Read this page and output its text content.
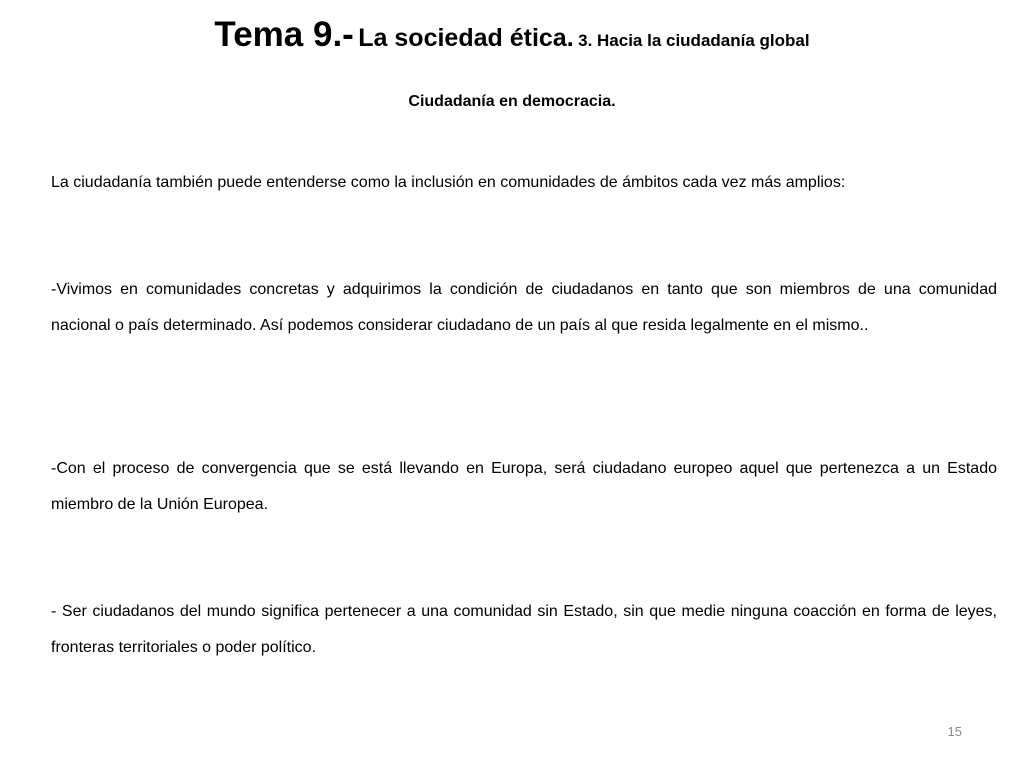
Tema 9.- La sociedad ética. 3. Hacia la ciudadanía global
Ciudadanía en democracia.

La ciudadanía también puede entenderse como la inclusión en comunidades de ámbitos cada vez más amplios:

-Vivimos en comunidades concretas y adquirimos la condición de ciudadanos en tanto que son miembros de una comunidad nacional o país determinado. Así podemos considerar ciudadano de un país al que resida legalmente en el mismo..

-Con el proceso de convergencia que se está llevando en Europa, será ciudadano europeo aquel que pertenezca a un Estado miembro de la Unión Europea.

- Ser ciudadanos del mundo significa pertenecer a una comunidad sin Estado, sin que medie ninguna coacción en forma de leyes, fronteras territoriales o poder político.

15
